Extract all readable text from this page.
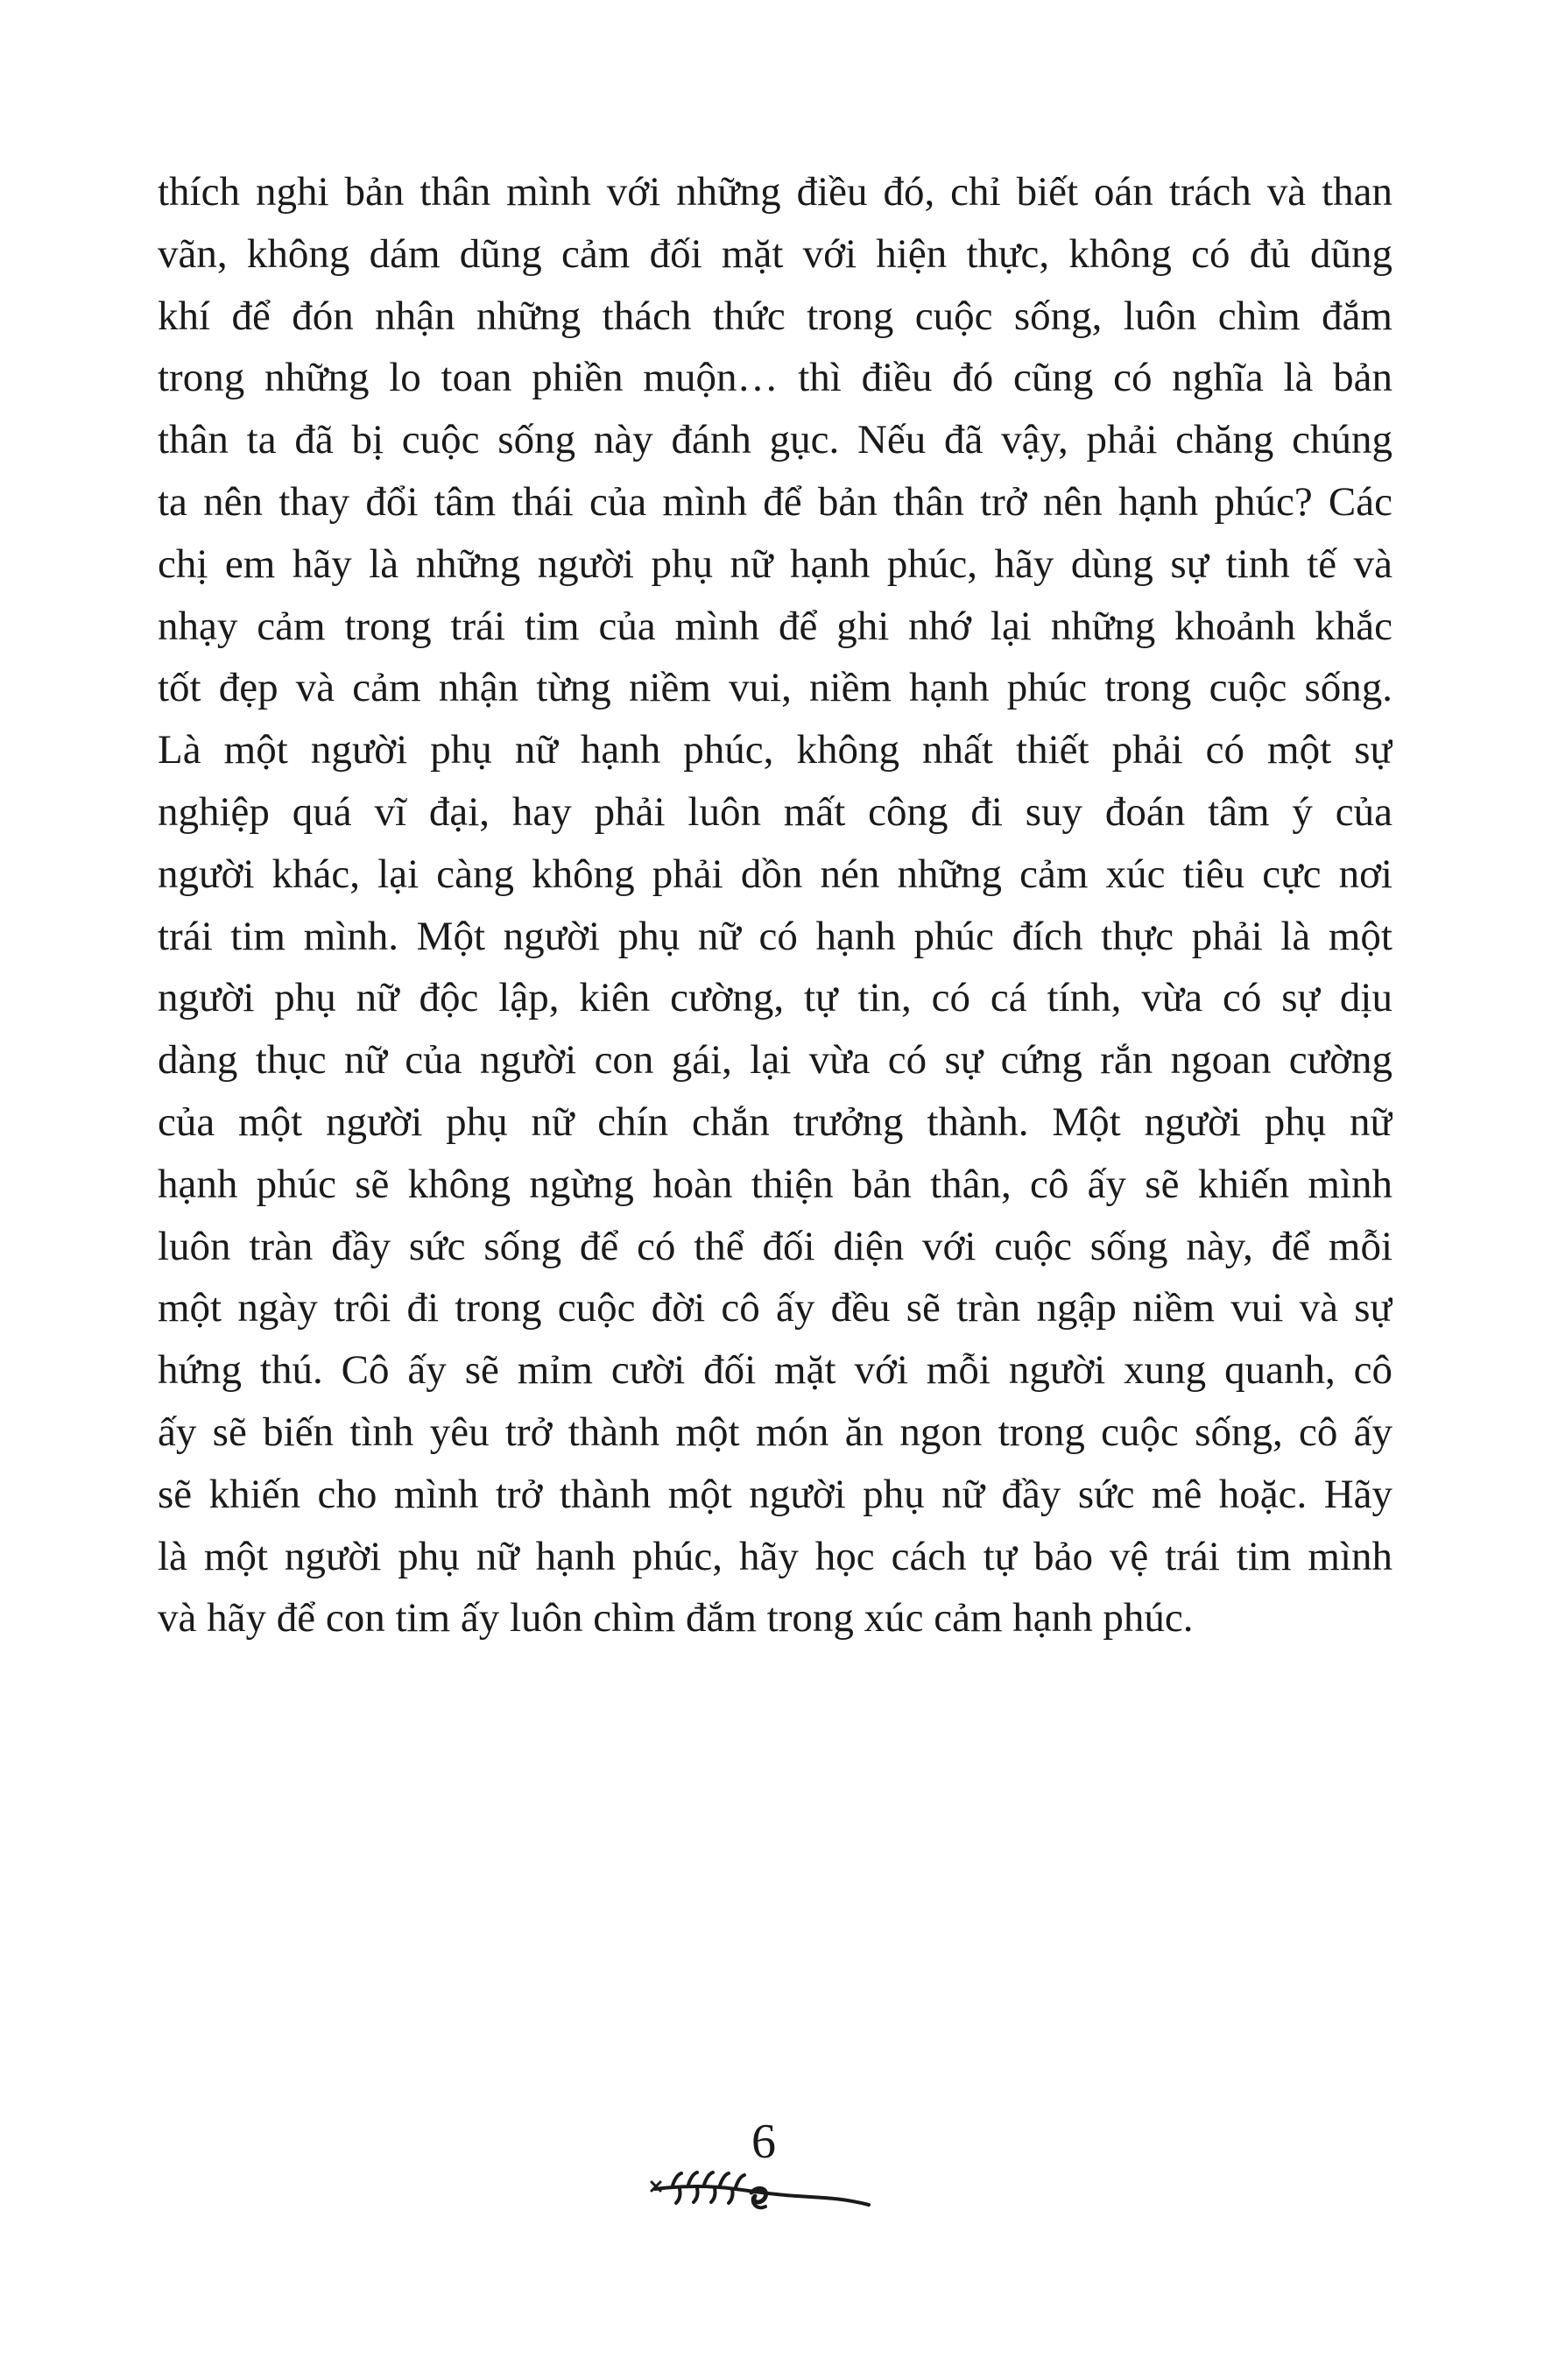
thích nghi bản thân mình với những điều đó, chỉ biết oán trách và than
vãn, không dám dũng cảm đối mặt với hiện thực, không có đủ dũng
khí để đón nhận những thách thức trong cuộc sống, luôn chìm đắm
trong những lo toan phiền muộn… thì điều đó cũng có nghĩa là bản
thân ta đã bị cuộc sống này đánh gục. Nếu đã vậy, phải chăng chúng
ta nên thay đổi tâm thái của mình để bản thân trở nên hạnh phúc? Các
chị em hãy là những người phụ nữ hạnh phúc, hãy dùng sự tinh tế và
nhạy cảm trong trái tim của mình để ghi nhớ lại những khoảnh khắc
tốt đẹp và cảm nhận từng niềm vui, niềm hạnh phúc trong cuộc sống.
Là một người phụ nữ hạnh phúc, không nhất thiết phải có một sự
nghiệp quá vĩ đại, hay phải luôn mất công đi suy đoán tâm ý của
người khác, lại càng không phải dồn nén những cảm xúc tiêu cực nơi
trái tim mình. Một người phụ nữ có hạnh phúc đích thực phải là một
người phụ nữ độc lập, kiên cường, tự tin, có cá tính, vừa có sự dịu
dàng thục nữ của người con gái, lại vừa có sự cứng rắn ngoan cường
của một người phụ nữ chín chắn trưởng thành. Một người phụ nữ
hạnh phúc sẽ không ngừng hoàn thiện bản thân, cô ấy sẽ khiến mình
luôn tràn đầy sức sống để có thể đối diện với cuộc sống này, để mỗi
một ngày trôi đi trong cuộc đời cô ấy đều sẽ tràn ngập niềm vui và sự
hứng thú. Cô ấy sẽ mỉm cười đối mặt với mỗi người xung quanh, cô
ấy sẽ biến tình yêu trở thành một món ăn ngon trong cuộc sống, cô ấy
sẽ khiến cho mình trở thành một người phụ nữ đầy sức mê hoặc. Hãy
là một người phụ nữ hạnh phúc, hãy học cách tự bảo vệ trái tim mình
và hãy để con tim ấy luôn chìm đắm trong xúc cảm hạnh phúc.
6
